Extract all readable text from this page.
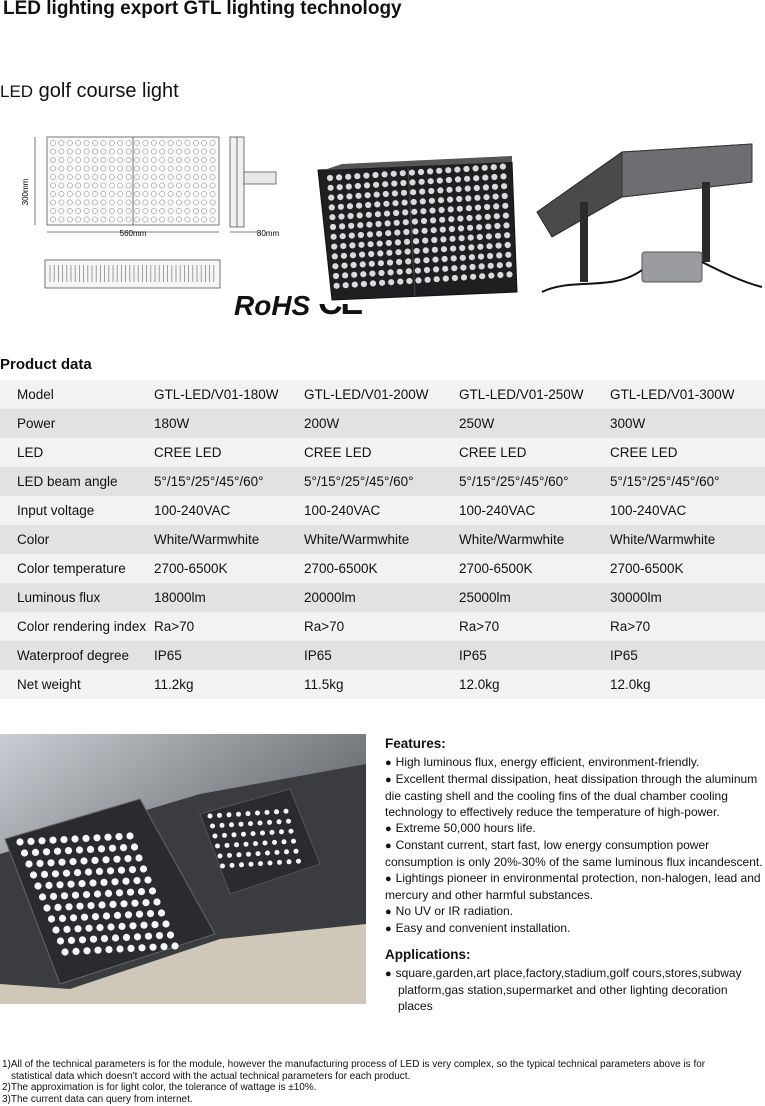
LED lighting export GTL lighting technology
LED golf course light
300mm
560mm	80mm
RoHS
Product data
Model	GTL-LED/V01-180W	GTL-LED/V01-200W	GTL-LED/V01-250W	GTL-LED/V01-300W
Power	180W	200W	250W	300W
LED	CREE LED	CREE LED	CREE LED	CREE LED
LED beam angle	5°/15°/25°/45°/60°	5°/15°/25°/45°/60°	5°/15°/25°/45°/60°	5°/15°/25°/45°/60°
Input voltage	100-240VAC	100-240VAC	100-240VAC	100-240VAC
Color	White/Warmwhite	White/Warmwhite	White/Warmwhite	White/Warmwhite
Color temperature	2700-6500K	2700-6500K	2700-6500K	2700-6500K
Luminous flux	18000lm	20000lm	25000lm	30000lm
Color rendering index	Ra>70	Ra>70	Ra>70	Ra>70
Waterproof degree	IP65	IP65	IP65	IP65
Net weight	11.2kg	11.5kg	12.0kg	12.0kg
Features:
● High luminous flux, energy efficient, environment-friendly.
● Excellent thermal dissipation, heat dissipation through the aluminum die casting shell and the cooling fins of the dual chamber cooling technology to effectively reduce the temperature of high-power.
● Extreme 50,000 hours life.
● Constant current, start fast, low energy consumption power consumption is only 20%-30% of the same luminous flux incandescent.
● Lightings pioneer in environmental protection, non-halogen, lead and mercury and other harmful substances.
● No UV or IR radiation.
● Easy and convenient installation.
Applications:
● square,garden,art place,factory,stadium,golf cours,stores,subway platform,gas station,supermarket and other lighting decoration places
1)All of the technical parameters is for the module, however the manufacturing process of LED is very complex, so the typical technical parameters above is for
statistical data which doesn't accord with the actual technical parameters for each product.
2)The approximation is for light color, the tolerance of wattage is ±10%.
3)The current data can query from internet.
